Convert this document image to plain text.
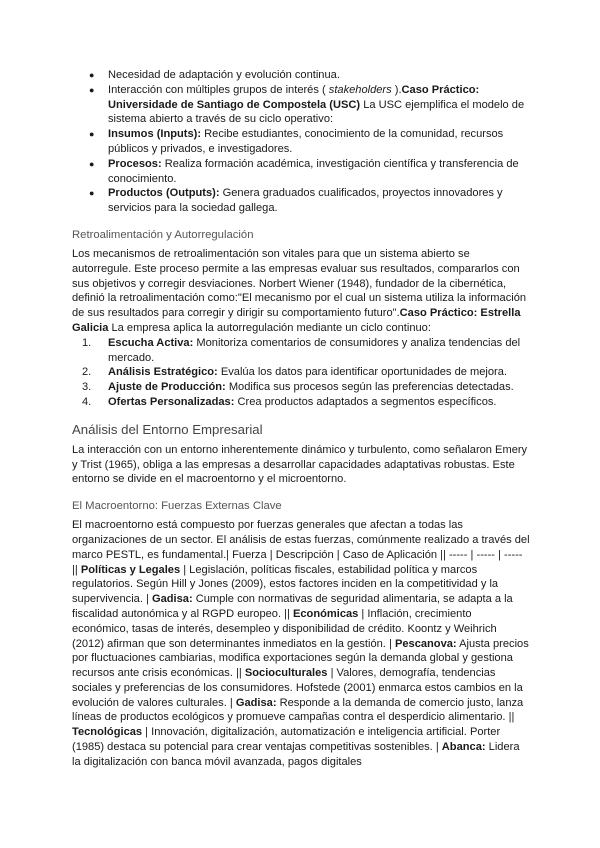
● Necesidad de adaptación y evolución continua.
● Interacción con múltiples grupos de interés ( stakeholders ).Caso Práctico: Universidade de Santiago de Compostela (USC) La USC ejemplifica el modelo de sistema abierto a través de su ciclo operativo:
● Insumos (Inputs): Recibe estudiantes, conocimiento de la comunidad, recursos públicos y privados, e investigadores.
● Procesos: Realiza formación académica, investigación científica y transferencia de conocimiento.
● Productos (Outputs): Genera graduados cualificados, proyectos innovadores y servicios para la sociedad gallega.
Retroalimentación y Autorregulación

Los mecanismos de retroalimentación son vitales para que un sistema abierto se autorregule. Este proceso permite a las empresas evaluar sus resultados, compararlos con sus objetivos y corregir desviaciones. Norbert Wiener (1948), fundador de la cibernética, definió la retroalimentación como:"El mecanismo por el cual un sistema utiliza la información de sus resultados para corregir y dirigir su comportamiento futuro".Caso Práctico: Estrella Galicia La empresa aplica la autorregulación mediante un ciclo continuo:

1. Escucha Activa: Monitoriza comentarios de consumidores y analiza tendencias del mercado.
2. Análisis Estratégico: Evalúa los datos para identificar oportunidades de mejora.
3. Ajuste de Producción: Modifica sus procesos según las preferencias detectadas.
4. Ofertas Personalizadas: Crea productos adaptados a segmentos específicos.
Análisis del Entorno Empresarial

La interacción con un entorno inherentemente dinámico y turbulento, como señalaron Emery y Trist (1965), obliga a las empresas a desarrollar capacidades adaptativas robustas. Este entorno se divide en el macroentorno y el microentorno.

El Macroentorno: Fuerzas Externas Clave

El macroentorno está compuesto por fuerzas generales que afectan a todas las organizaciones de un sector. El análisis de estas fuerzas, comúnmente realizado a través del marco PESTL, es fundamental.| Fuerza | Descripción | Caso de Aplicación || ----- | ----- | ----- || Políticas y Legales | Legislación, políticas fiscales, estabilidad política y marcos regulatorios. Según Hill y Jones (2009), estos factores inciden en la competitividad y la supervivencia. | Gadisa: Cumple con normativas de seguridad alimentaria, se adapta a la fiscalidad autonómica y al RGPD europeo. || Económicas | Inflación, crecimiento económico, tasas de interés, desempleo y disponibilidad de crédito. Koontz y Weihrich (2012) afirman que son determinantes inmediatos en la gestión. | Pescanova: Ajusta precios por fluctuaciones cambiarias, modifica exportaciones según la demanda global y gestiona recursos ante crisis económicas. || Socioculturales | Valores, demografía, tendencias sociales y preferencias de los consumidores. Hofstede (2001) enmarca estos cambios en la evolución de valores culturales. | Gadisa: Responde a la demanda de comercio justo, lanza líneas de productos ecológicos y promueve campañas contra el desperdicio alimentario. || Tecnológicas | Innovación, digitalización, automatización e inteligencia artificial. Porter (1985) destaca su potencial para crear ventajas competitivas sostenibles. | Abanca: Lidera la digitalización con banca móvil avanzada, pagos digitales
